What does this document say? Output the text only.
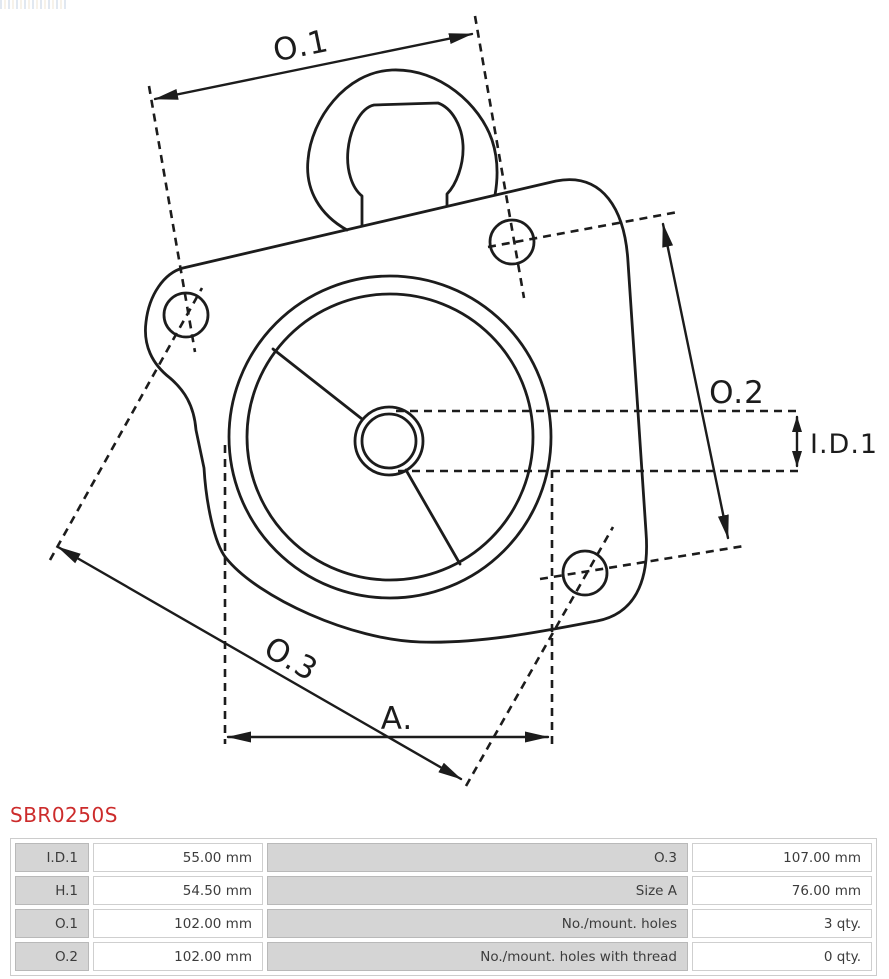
O.1
O.2
I.D.1
O.3
A.
SBR0250S
I.D.1	55.00 mm	O.3	107.00 mm
H.1	54.50 mm	Size A	76.00 mm
O.1	102.00 mm	No./mount. holes	3 qty.
O.2	102.00 mm	No./mount. holes with thread	0 qty.
